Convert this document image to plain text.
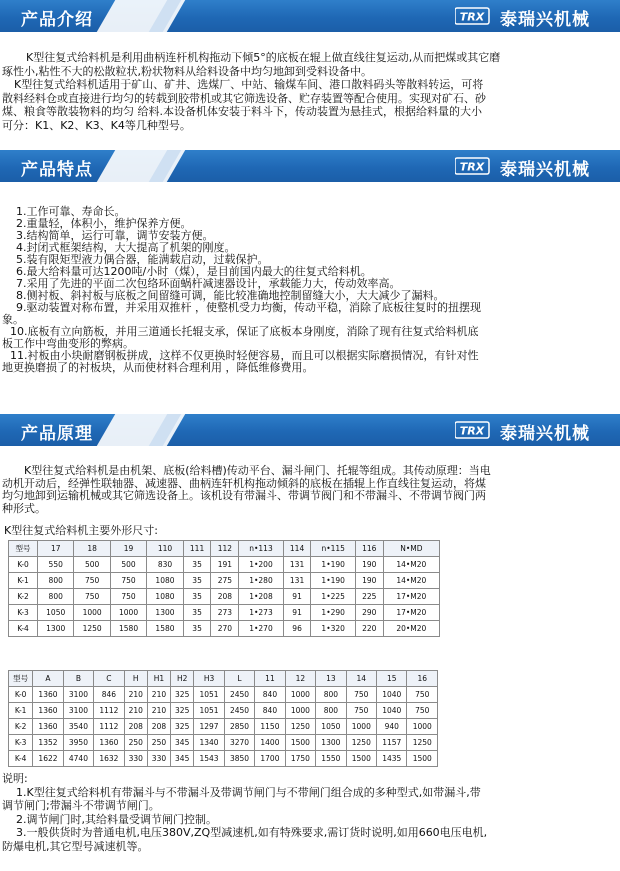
产品介绍	TRX 泰瑞兴机械
K型往复式给料机是利用曲柄连杆机构拖动下倾5°的底板在辊上做直线往复运动,从而把煤或其它磨
琢性小,粘性不大的松散粒状,粉状物料从给料设备中均匀地卸到受料设备中。
K型往复式给料机适用于矿山、矿井、选煤厂、中站、输煤车间、港口散料码头等散料转运，可将
散料经料仓或直接进行均匀的转载到胶带机或其它筛选设备、贮存装置等配合使用。实现对矿石、砂
煤、粮食等散装物料的均匀 给料.本设备机体安装于料斗下，传动装置为悬挂式，根据给料量的大小
可分：K1、K2、K3、K4等几种型号。
产品特点	TRX 泰瑞兴机械
1.工作可靠、寿命长。
2.重量轻，体积小，维护保养方便。
3.结构简单，运行可靠，调节安装方便。
4.封闭式框架结构，大大提高了机架的刚度。
5.装有限矩型液力偶合器，能满载启动，过载保护。
6.最大给料量可达1200吨/小时（煤），是目前国内最大的往复式给料机。
7.采用了先进的平面二次包络环面蜗杆减速器设计，承载能力大，传动效率高。
8.侧衬板、斜衬板与底板之间留缝可调，能比较准确地控制留缝大小，大大减少了漏料。
9.驱动装置对称布置，并采用双推杆 ，使整机受力均衡，传动平稳，消除了底板往复时的扭摆现
象。
10.底板有立向筋板，并用三道通长托辊支承，保证了底板本身刚度，消除了现有往复式给料机底
板工作中弯曲变形的弊病。
11.衬板由小块耐磨钢板拼成，这样不仅更换时轻便容易，而且可以根据实际磨损情况，有针对性
地更换磨损了的衬板块，从而使材料合理利用 ，降低维修费用。
产品原理	TRX 泰瑞兴机械
K型往复式给料机是由机架、底板(给料槽)传动平台、漏斗闸门、托辊等组成。其传动原理：当电
动机开动后，经弹性联轴器、减速器、曲柄连轩机构拖动倾斜的底板在插辊上作直线往复运动，将煤
均匀地卸到运输机械或其它筛选设备上。该机设有带漏斗、带调节阀门和不带漏斗、不带调节阀门两
种形式。
K型往复式给料机主要外形尺寸:
型号	17	18	19	110	111	112	n•113	114	n•115	116	N•MD
K-0	550	500	500	830	35	191	1•200	131	1•190	190	14•M20
K-1	800	750	750	1080	35	275	1•280	131	1•190	190	14•M20
K-2	800	750	750	1080	35	208	1•208	91	1•225	225	17•M20
K-3	1050	1000	1000	1300	35	273	1•273	91	1•290	290	17•M20
K-4	1300	1250	1580	1580	35	270	1•270	96	1•320	220	20•M20
型号	A	B	C	H	H1	H2	H3	L	11	12	13	14	15	16
K-0	1360	3100	846	210	210	325	1051	2450	840	1000	800	750	1040	750
K-1	1360	3100	1112	210	210	325	1051	2450	840	1000	800	750	1040	750
K-2	1360	3540	1112	208	208	325	1297	2850	1150	1250	1050	1000	940	1000
K-3	1352	3950	1360	250	250	345	1340	3270	1400	1500	1300	1250	1157	1250
K-4	1622	4740	1632	330	330	345	1543	3850	1700	1750	1550	1500	1435	1500
说明:
1.K型往复式给料机有带漏斗与不带漏斗及带调节闸门与不带闸门组合成的多种型式,如带漏斗,带
调节闸门;带漏斗不带调节闸门。
2.调节闸门时,其给料量受调节闸门控制。
3.一般供货时为普通电机,电压380V,ZQ型减速机,如有特殊要求,需订货时说明,如用660电压电机,
防爆电机,其它型号减速机等。
